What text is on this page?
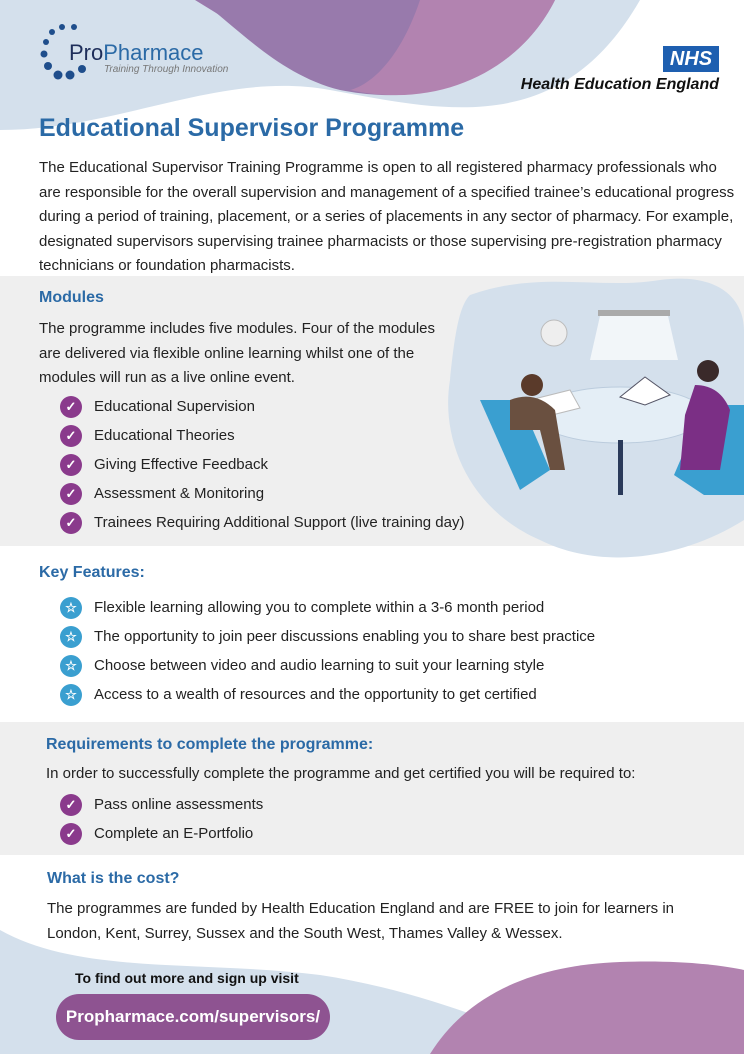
ProPharmace
Training Through Innovation	NHS
Health Education England
Educational Supervisor Programme

The Educational Supervisor Training Programme is open to all registered pharmacy professionals who are responsible for the overall supervision and management of a specified trainee’s educational progress during a period of training, placement, or a series of placements in any sector of pharmacy. For example, designated supervisors supervising trainee pharmacists or those supervising pre-registration pharmacy technicians or foundation pharmacists.

Modules

The programme includes five modules. Four of the modules are delivered via flexible online learning whilst one of the modules will run as a live online event.

✓	Educational Supervision
✓	Educational Theories
✓	Giving Effective Feedback
✓	Assessment & Monitoring
✓	Trainees Requiring Additional Support (live training day)
Key Features:
☆	Flexible learning allowing you to complete within a 3-6 month period
☆	The opportunity to join peer discussions enabling you to share best practice
☆	Choose between video and audio learning to suit your learning style
☆	Access to a wealth of resources and the opportunity to get certified
Requirements to complete the programme:

In order to successfully complete the programme and get certified you will be required to:

✓	Pass online assessments
✓	Complete an E-Portfolio
What is the cost?

The programmes are funded by Health Education England and are FREE to join for learners in London, Kent, Surrey, Sussex and the South West, Thames Valley & Wessex.

To find out more and sign up visit
Propharmace.com/supervisors/
